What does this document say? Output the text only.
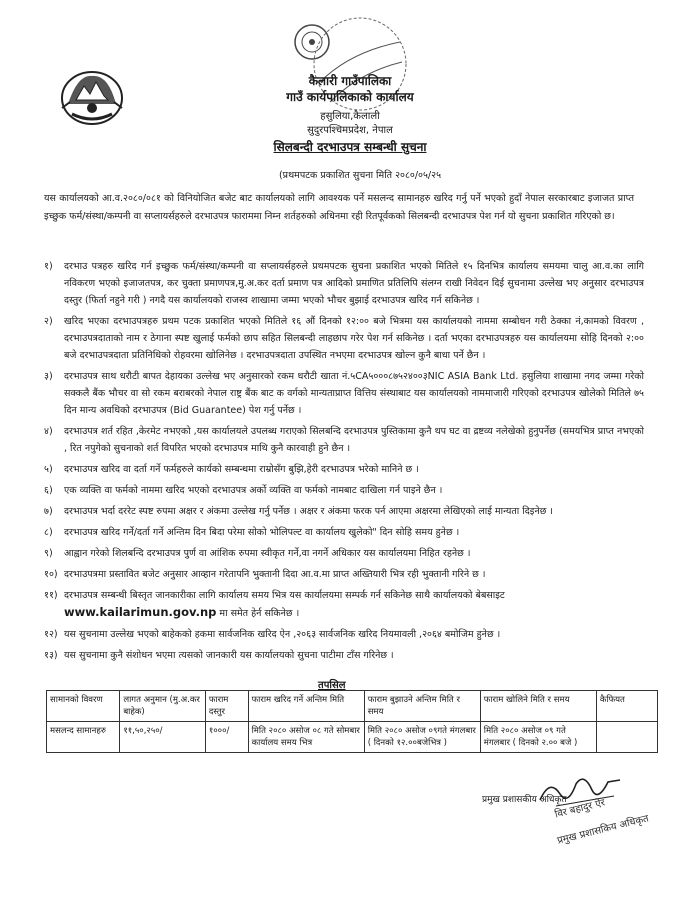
कैलारी गाउँपालिका
गाउँ कार्यपालिकाको कार्यालय
हसुलिया,कैलाली
सुदुरपश्चिमप्रदेश, नेपाल
सिलबन्दी दरभाउपत्र सम्बन्धी सुचना
(प्रथमपटक प्रकाशित सुचना मिति २०८०/०५/२५
यस कार्यालयको आ.व.२०८०/०८१ को विनियोजित बजेट बाट कार्यालयको लागि आवश्यक पर्ने मसलन्द सामानहरु खरिद गर्नु पर्ने भएको हुदाँ नेपाल सरकारबाट इजाजत प्राप्त इच्छुक फर्म/संस्था/कम्पनी वा सप्लायर्सहरुले दरभाउपत्र फाराममा निम्न शर्तहरुको अधिनमा रही रितपूर्वकको सिलबन्दी दरभाउपत्र पेश गर्न यो सुचना प्रकाशित गरिएको छ।
१) दरभाउ पत्रहरु खरिद गर्न इच्छुक फर्म/संस्था/कम्पनी वा सप्लायर्सहरुले प्रथमपटक सुचना प्रकाशित भएको मितिले १५ दिनभित्र कार्यालय समयमा चालु आ.व.का लागि नविकरण भएको इजाजतपत्र, कर चुक्ता प्रमाणपत्र,मु.अ.कर दर्ता प्रमाण पत्र आदिको प्रमाणित प्रतिलिपि संलग्न राखी निवेदन दिई सुचनामा उल्लेख भए अनुसार दरभाउपत्र दस्तुर (फिर्ता नहुने गरी ) नगदै यस कार्यालयको राजस्व शाखामा जम्मा भएको भौचर बुझाई दरभाउपत्र खरिद गर्न सकिनेछ ।
२) खरिद भएका दरभाउपत्रहरु प्रथम पटक प्रकाशित भएको मितिले १६ औं दिनको १२:०० बजे भित्रमा यस कार्यालयको नाममा सम्बोधन गरी ठेक्का नं,कामको विवरण , दरभाउपत्रदाताको नाम र ठेगाना स्पष्ट खुलाई फर्मको छाप सहित सिलबन्दी लाहछाप गरेर पेश गर्न सकिनेछ । दर्ता भएका दरभाउपत्रहरु यस कार्यालयमा सोहि दिनको २:०० बजे दरभाउपत्रदाता प्रतिनिधिको रोहवरमा खोलिनेछ । दरभाउपत्रदाता उपस्थित नभएमा दरभाउपत्र खोल्न कुनै बाधा पर्ने छैन ।
३) दरभाउपत्र साथ धरौटी बापत देहायका उल्लेख भए अनुसारको रकम धरौटी खाता नं.५CA५०००८७५२४००३NIC ASIA Bank Ltd. हसुलिया शाखामा नगद जम्मा गरेको सक्कलै बैंक भौचर वा सो रकम बराबरको नेपाल राष्ट्र बैंक बाट क वर्गको मान्यताप्राप्त वित्तिय संस्थाबाट यस कार्यालयको नाममाजारी गरिएको दरभाउपत्र खोलेको मितिले ७५ दिन मान्य अवधिको दरभाउपत्र (Bid Guarantee) पेश गर्नु पर्नेछ ।
४) दरभाउपत्र शर्त रहित ,केरमेट नभएको ,यस कार्यालयले उपलब्ध गराएको सिलबन्दि दरभाउपत्र पुस्तिकामा कुनै थप घट वा द्रष्टव्य नलेखेको हुनुपर्नेछ (समयभित्र प्राप्त नभएको , रित नपुगेको सुचनाको शर्त विपरित भएको दरभाउपत्र माथि कुनै कारवाही हुने छैन ।
५) दरभाउपत्र खरिद वा दर्ता गर्ने फर्महरुले कार्यको सम्बन्धमा राम्रोसँग बुझि,हेरी दरभाउपत्र भरेको मानिने छ ।
६) एक व्यक्ति वा फर्मको नाममा खरिद भएको दरभाउपत्र अर्को व्यक्ति वा फर्मको नामबाट दाखिला गर्न पाइने छैन ।
७) दरभाउपत्र भर्दा दररेट स्पष्ट रुपमा अक्षर र अंकमा उल्लेख गर्नु पर्नेछ । अक्षर र अंकमा फरक पर्न आएमा अक्षरमा लेखिएको लाई मान्यता दिइनेछ ।
८) दरभाउपत्र खरिद गर्ने/दर्ता गर्ने अन्तिम दिन बिदा परेमा सोको भोलिपल्ट वा कार्यालय खुलेको" दिन सोहि समय हुनेछ ।
९) आह्वान गरेको शिलबन्दि दरभाउपत्र पुर्ण वा आंशिक रुपमा स्वीकृत गर्ने,वा नगर्ने अधिकार यस कार्यालयमा निहित रहनेछ ।
१०) दरभाउपत्रमा प्रस्तावित बजेट अनुसार आव्हान गरेतापनि भुक्तानी दिदा आ.व.मा प्राप्त अख्तियारी भित्र रही भुक्तानी गरिने छ ।
११) दरभाउपत्र सम्बन्धी बिस्तृत जानकारीका लागि कार्यालय समय भित्र यस कार्यालयमा सम्पर्क गर्न सकिनेछ साथै कार्यालयको बेबसाइट
www.kailarimun.gov.np मा समेत हेर्न सकिनेछ ।
१२) यस सुचनामा उल्लेख भएको बाहेकको हकमा सार्वजनिक खरिद ऐन ,२०६३ सार्वजनिक खरिद नियमावली ,२०६४ बमोजिम हुनेछ ।
१३) यस सुचनामा कुनै संशोधन भएमा त्यसको जानकारी यस कार्यालयको सुचना पाटीमा टाँस गरिनेछ ।
तपसिल
सामानको विवरण	लागत अनुमान (मु.अ.कर बाहेक)	फाराम दस्तुर	फाराम खरिद गर्ने अन्तिम मिति	फाराम बुझाउने अन्तिम मिति र समय	फाराम खोलिने मिति र समय	कैफियत
मसलन्द सामानहरु	११,५०,२५०/	१०००/	मिति २०८० असोज ०८ गते सोमबार कार्यालय समय भित्र	मिति २०८० असोज ०९गते मंगलबार ( दिनको १२.००बजेभित्र )	मिति २०८० असोज ०९ गते मंगलबार ( दिनको २.०० बजे )	
विर बहादुर ऐर
प्रमुख प्रशासकिय अधिकृत
प्रमुख प्रशासकीय अधिकृत
